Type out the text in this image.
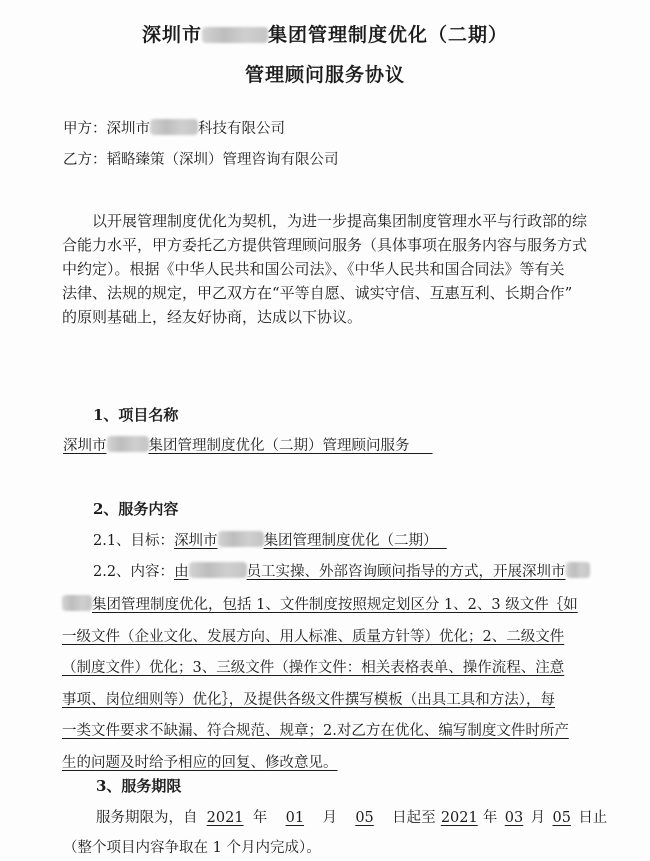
深圳市	集团管理制度优化（二期）
管理顾问服务协议
甲方：深圳市	科技有限公司
乙方：韬略臻策（深圳）管理咨询有限公司
以开展管理制度优化为契机，为进一步提高集团制度管理水平与行政部的综
合能力水平，甲方委托乙方提供管理顾问服务（具体事项在服务内容与服务方式
中约定）。根据《中华人民共和国公司法》、《中华人民共和国合同法》等有关
法律、法规的规定，甲乙双方在“平等自愿、诚实守信、互惠互利、长期合作”
的原则基础上，经友好协商，达成以下协议。
1、项目名称
深圳市	集团管理制度优化（二期）管理顾问服务
2、服务内容
2.1、目标：深圳市	集团管理制度优化（二期）
2.2、内容：由	员工实操、外部咨询顾问指导的方式，开展深圳市
集团管理制度优化，包括 1、文件制度按照规定划区分 1、2、3 级文件｛如
一级文件（企业文化、发展方向、用人标准、质量方针等）优化；2、二级文件
（制度文件）优化；3、三级文件（操作文件：相关表格表单、操作流程、注意
事项、岗位细则等）优化｝，及提供各级文件撰写模板（出具工具和方法），每
一类文件要求不缺漏、符合规范、规章；2.对乙方在优化、编写制度文件时所产
生的问题及时给予相应的回复、修改意见。
3、服务期限
服务期限为，自 2021 年 01 月 05 日起至 2021 年 03 月 05 日止
（整个项目内容争取在 1 个月内完成）。
